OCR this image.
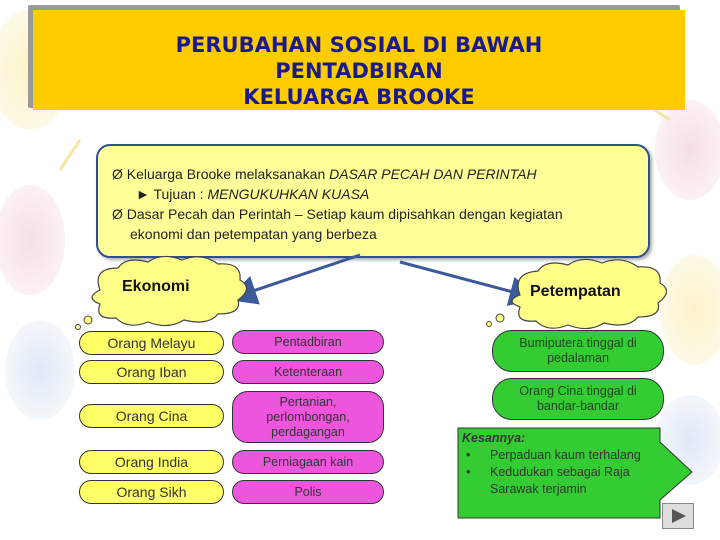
PERUBAHAN SOSIAL DI BAWAH
PENTADBIRAN
KELUARGA BROOKE
Ø Keluarga Brooke melaksanakan DASAR PECAH DAN PERINTAH
► Tujuan : MENGUKUHKAN KUASA
Ø Dasar Pecah dan Perintah – Setiap kaum dipisahkan dengan kegiatan
ekonomi dan petempatan yang berbeza
Ekonomi	Petempatan
Orang Melayu
Orang Iban
Orang Cina
Orang India
Orang Sikh
Pentadbiran
Ketenteraan
Pertanian,
perlombongan,
perdagangan
Perniagaan kain
Polis
Bumiputera tinggal di
pedalaman
Orang Cina tinggal di
bandar-bandar
Kesannya:
• Perpaduan kaum terhalang
• Kedudukan sebagai Raja Sarawak terjamin
